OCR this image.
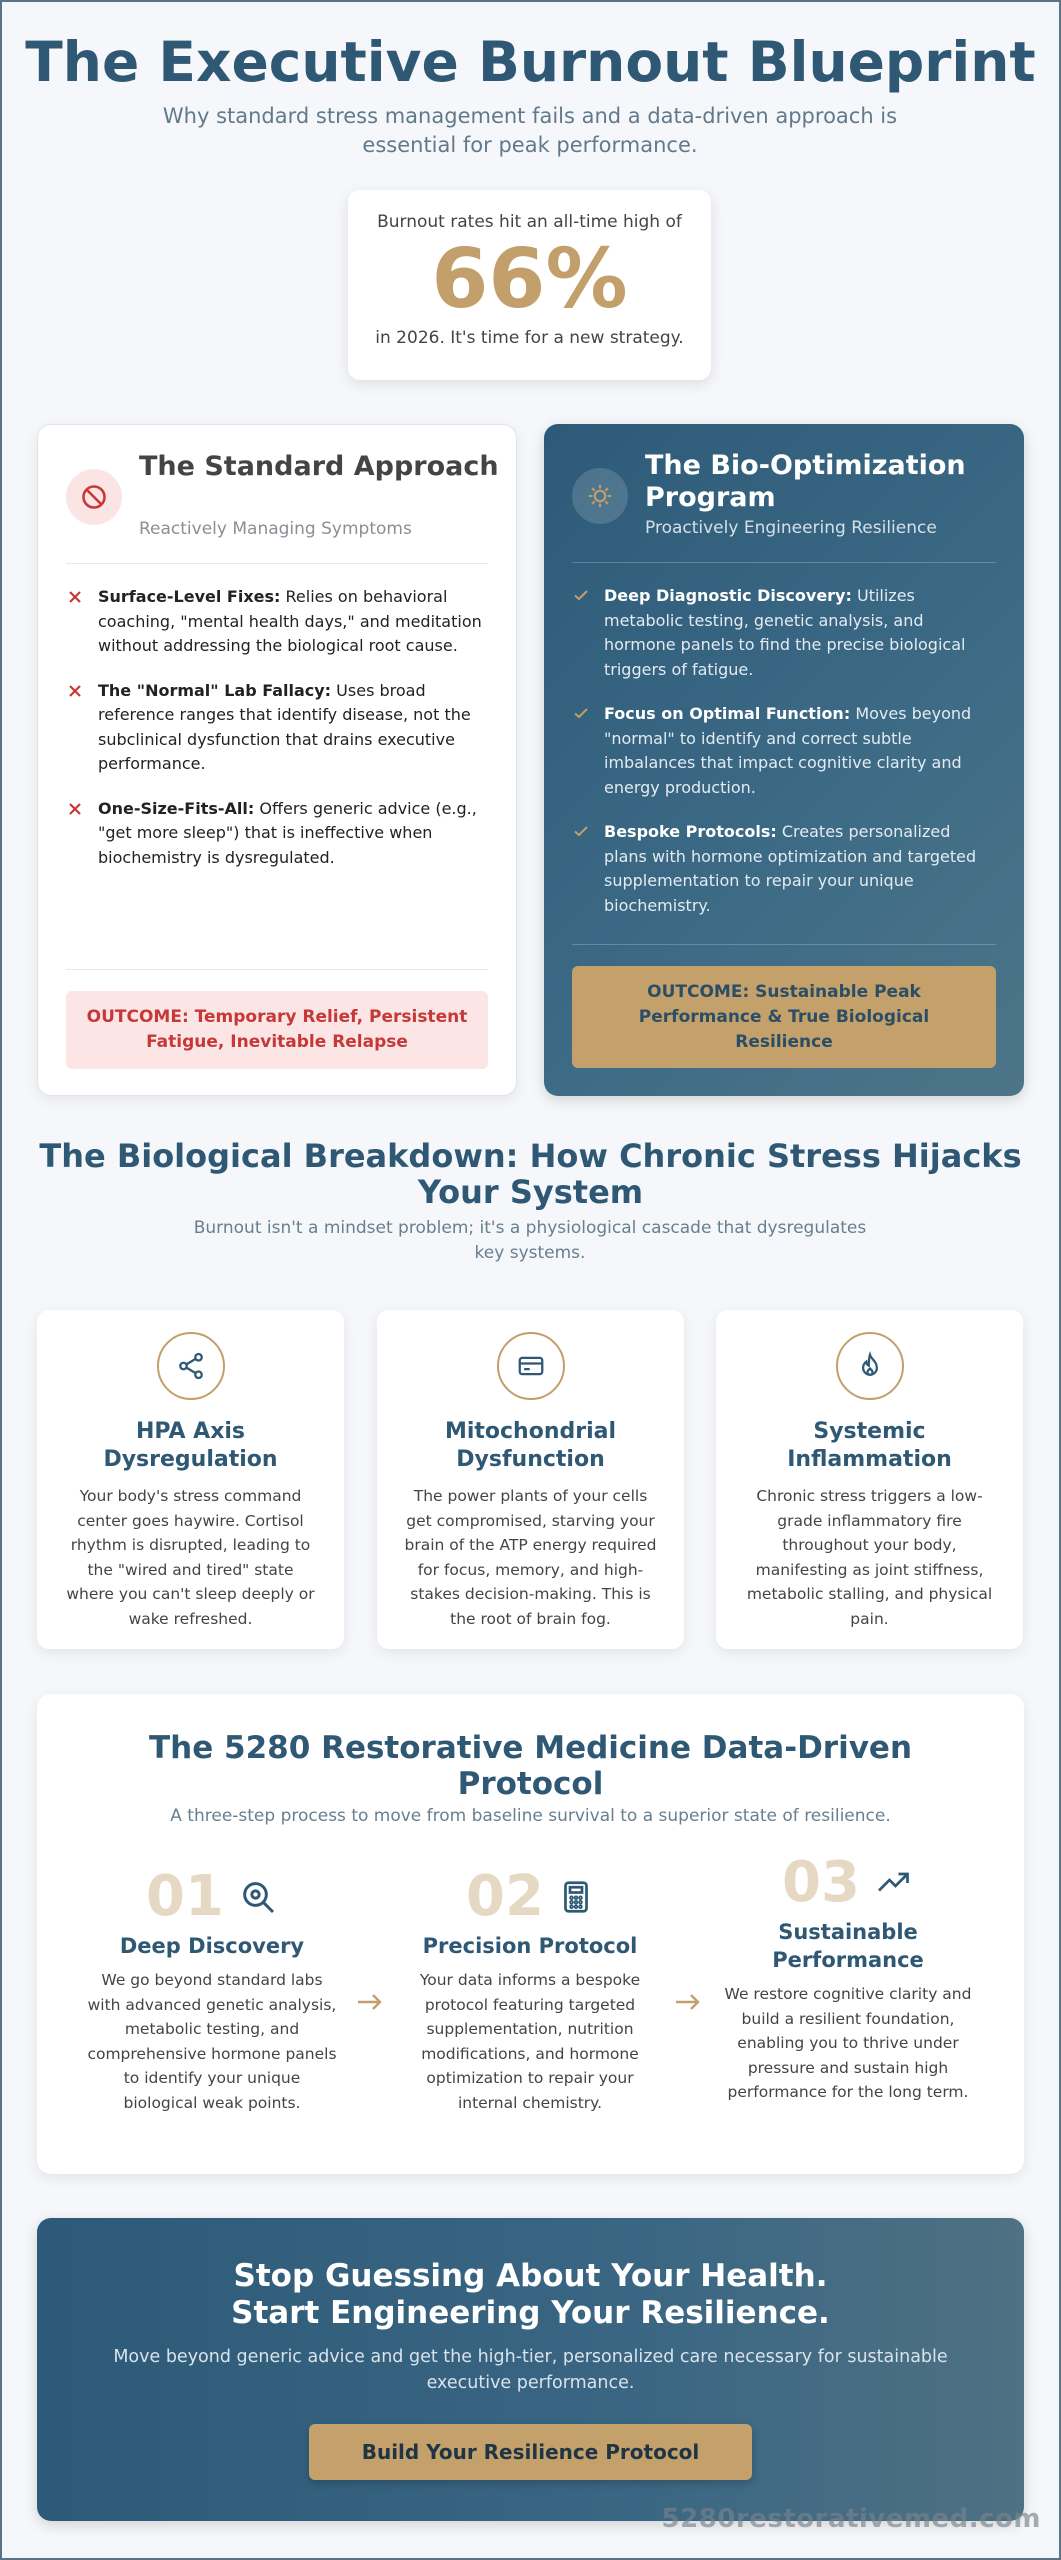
The Executive Burnout Blueprint

Why standard stress management fails and a data-driven approach is essential for peak performance.

Burnout rates hit an all-time high of
66%
in 2026. It's time for a new strategy.
The Standard Approach
Reactively Managing Symptoms
Surface-Level Fixes: Relies on behavioral coaching, "mental health days," and meditation without addressing the biological root cause.
The "Normal" Lab Fallacy: Uses broad reference ranges that identify disease, not the subclinical dysfunction that drains executive performance.
One-Size-Fits-All: Offers generic advice (e.g., "get more sleep") that is ineffective when biochemistry is dysregulated.
OUTCOME: Temporary Relief, Persistent Fatigue, Inevitable Relapse
The Bio-Optimization Program
Proactively Engineering Resilience
Deep Diagnostic Discovery: Utilizes metabolic testing, genetic analysis, and hormone panels to find the precise biological triggers of fatigue.
Focus on Optimal Function: Moves beyond "normal" to identify and correct subtle imbalances that impact cognitive clarity and energy production.
Bespoke Protocols: Creates personalized plans with hormone optimization and targeted supplementation to repair your unique biochemistry.
OUTCOME: Sustainable Peak Performance & True Biological Resilience
The Biological Breakdown: How Chronic Stress Hijacks Your System

Burnout isn't a mindset problem; it's a physiological cascade that dysregulates key systems.

HPA Axis Dysregulation

Your body's stress command center goes haywire. Cortisol rhythm is disrupted, leading to the "wired and tired" state where you can't sleep deeply or wake refreshed.

Mitochondrial Dysfunction

The power plants of your cells get compromised, starving your brain of the ATP energy required for focus, memory, and high-stakes decision-making. This is the root of brain fog.

Systemic Inflammation

Chronic stress triggers a low-grade inflammatory fire throughout your body, manifesting as joint stiffness, metabolic stalling, and physical pain.

The 5280 Restorative Medicine Data-Driven Protocol

A three-step process to move from baseline survival to a superior state of resilience.

01
Deep Discovery

We go beyond standard labs with advanced genetic analysis, metabolic testing, and comprehensive hormone panels to identify your unique biological weak points.

02
Precision Protocol

Your data informs a bespoke protocol featuring targeted supplementation, nutrition modifications, and hormone optimization to repair your internal chemistry.

03
Sustainable Performance

We restore cognitive clarity and build a resilient foundation, enabling you to thrive under pressure and sustain high performance for the long term.

Stop Guessing About Your Health.
Start Engineering Your Resilience.

Move beyond generic advice and get the high-tier, personalized care necessary for sustainable executive performance.

Build Your Resilience Protocol
5280restorativemed.com
